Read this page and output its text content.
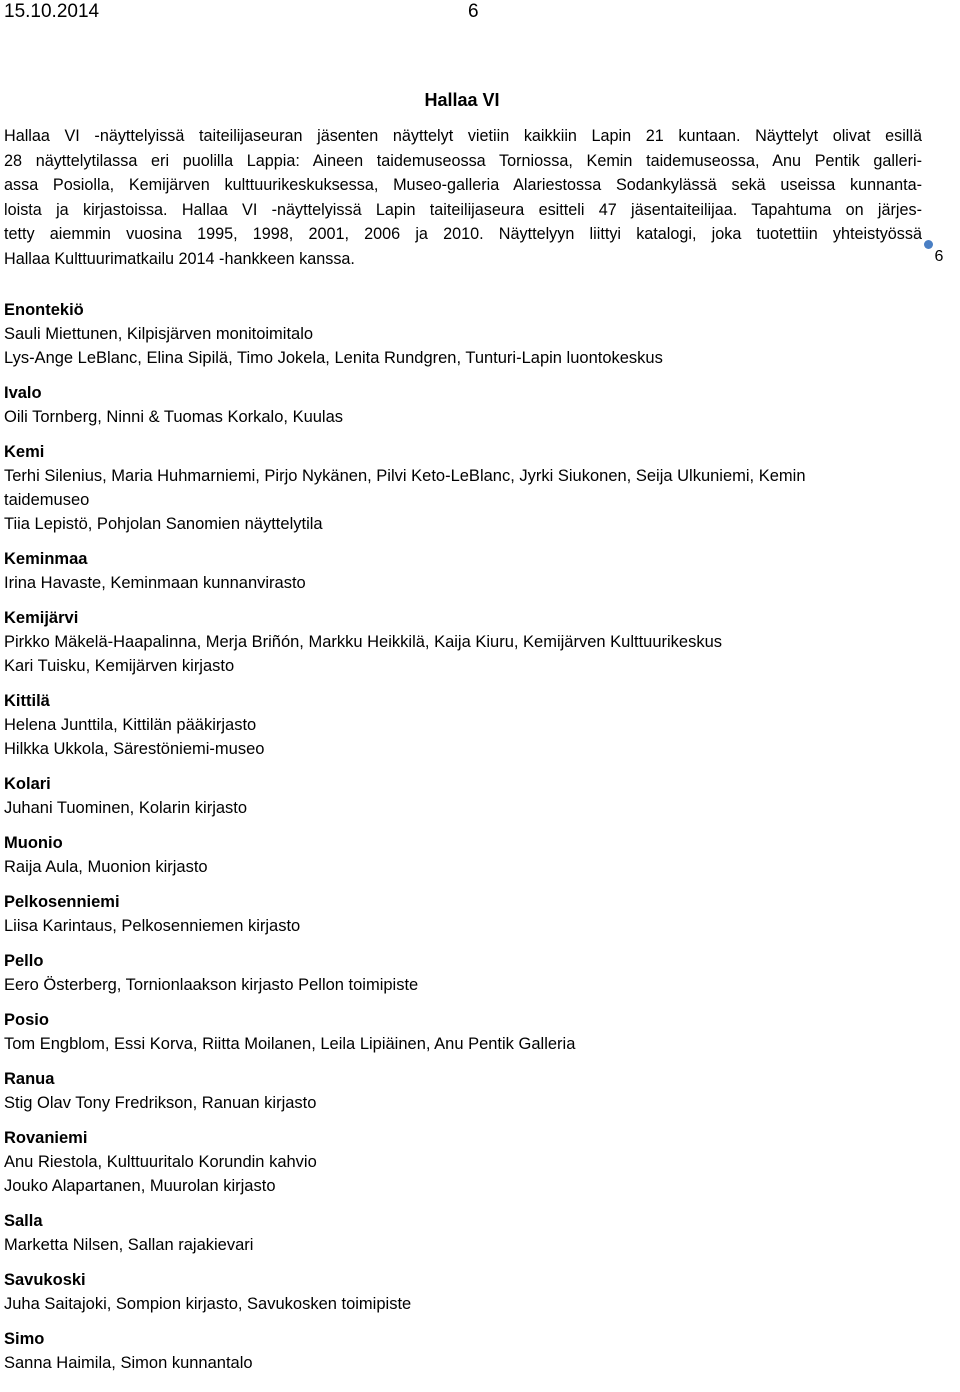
15.10.2014	6
Hallaa VI
Hallaa VI -näyttelyissä taiteilijaseuran jäsenten näyttelyt vietiin kaikkiin Lapin 21 kuntaan. Näyttelyt olivat esillä
28 näyttelytilassa eri puolilla Lappia: Aineen taidemuseossa Torniossa, Kemin taidemuseossa, Anu Pentik galleri-
assa Posiolla, Kemijärven kulttuurikeskuksessa, Museo-galleria Alariestossa Sodankylässä sekä useissa kunnanta-
loista ja kirjastoissa. Hallaa VI -näyttelyissä Lapin taiteilijaseura esitteli 47 jäsentaiteilijaa. Tapahtuma on järjes-
tetty aiemmin vuosina 1995, 1998, 2001, 2006 ja 2010. Näyttelyyn liittyi katalogi, joka tuotettiin yhteistyössä
Hallaa Kulttuurimatkailu 2014 -hankkeen kanssa.	6
Enontekiö
Sauli Miettunen, Kilpisjärven monitoimitalo
Lys-Ange LeBlanc, Elina Sipilä, Timo Jokela, Lenita Rundgren, Tunturi-Lapin luontokeskus
Ivalo
Oili Tornberg, Ninni & Tuomas Korkalo, Kuulas
Kemi
Terhi Silenius, Maria Huhmarniemi, Pirjo Nykänen, Pilvi Keto-LeBlanc, Jyrki Siukonen, Seija Ulkuniemi, Kemin
taidemuseo
Tiia Lepistö, Pohjolan Sanomien näyttelytila
Keminmaa
Irina Havaste, Keminmaan kunnanvirasto
Kemijärvi
Pirkko Mäkelä-Haapalinna, Merja Briñón, Markku Heikkilä, Kaija Kiuru, Kemijärven Kulttuurikeskus
Kari Tuisku, Kemijärven kirjasto
Kittilä
Helena Junttila, Kittilän pääkirjasto
Hilkka Ukkola, Särestöniemi-museo
Kolari
Juhani Tuominen, Kolarin kirjasto
Muonio
Raija Aula, Muonion kirjasto
Pelkosenniemi
Liisa Karintaus, Pelkosenniemen kirjasto
Pello
Eero Österberg, Tornionlaakson kirjasto Pellon toimipiste
Posio
Tom Engblom, Essi Korva, Riitta Moilanen, Leila Lipiäinen, Anu Pentik Galleria
Ranua
Stig Olav Tony Fredrikson, Ranuan kirjasto
Rovaniemi
Anu Riestola, Kulttuuritalo Korundin kahvio
Jouko Alapartanen, Muurolan kirjasto
Salla
Marketta Nilsen, Sallan rajakievari
Savukoski
Juha Saitajoki, Sompion kirjasto, Savukosken toimipiste
Simo
Sanna Haimila, Simon kunnantalo
